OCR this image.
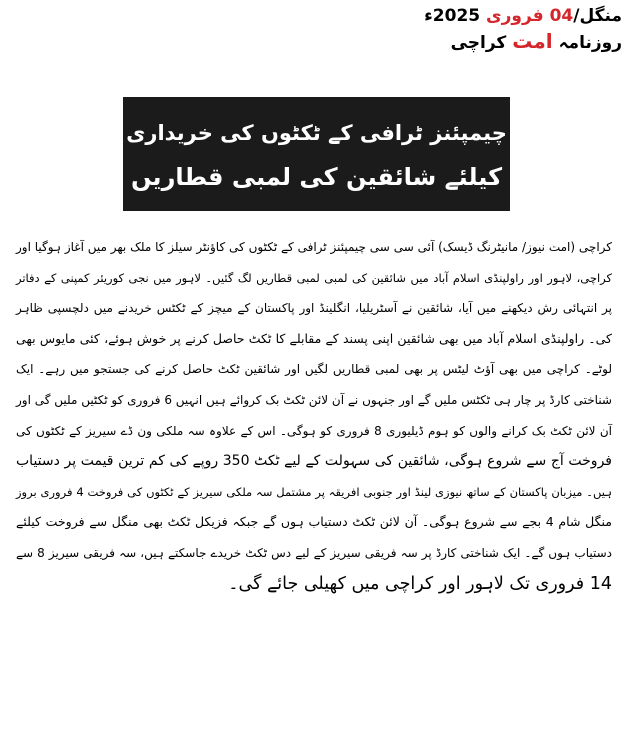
منگل/04 فروری 2025ء
روزنامہ امت کراچی
چیمپئنز ٹرافی کے ٹکٹوں کی خریداری
کیلئے شائقین کی لمبی قطاریں
کراچی (امت نیوز/ مانیٹرنگ ڈیسک) آئی سی سی چیمپئنز ٹرافی کے ٹکٹوں کی کاؤنٹر سیلز کا ملک بھر میں آغاز ہوگیا اور
کراچی، لاہور اور راولپنڈی اسلام آباد میں شائقین کی لمبی لمبی قطاریں لگ گئیں۔ لاہور میں نجی کوریئر کمپنی کے دفاتر
پر انتہائی رش دیکھنے میں آیا، شائقین نے آسٹریلیا، انگلینڈ اور پاکستان کے میچز کے ٹکٹس خریدنے میں دلچسپی ظاہر
کی۔ راولپنڈی اسلام آباد میں بھی شائقین اپنی پسند کے مقابلے کا ٹکٹ حاصل کرنے پر خوش ہوئے، کئی مایوس بھی
لوٹے۔ کراچی میں بھی آؤٹ لیٹس پر بھی لمبی قطاریں لگیں اور شائقین ٹکٹ حاصل کرنے کی جستجو میں رہے۔ ایک
شناختی کارڈ پر چار ہی ٹکٹس ملیں گے اور جنہوں نے آن لائن ٹکٹ بک کروائے ہیں انہیں 6 فروری کو ٹکٹیں ملیں گی اور
آن لائن ٹکٹ بک کرانے والوں کو ہوم ڈیلیوری 8 فروری کو ہوگی۔ اس کے علاوہ سہ ملکی ون ڈے سیریز کے ٹکٹوں کی
فروخت آج سے شروع ہوگی، شائقین کی سہولت کے لیے ٹکٹ 350 روپے کی کم ترین قیمت پر دستیاب
ہیں۔ میزبان پاکستان کے ساتھ نیوزی لینڈ اور جنوبی افریقہ پر مشتمل سہ ملکی سیریز کے ٹکٹوں کی فروخت 4 فروری بروز
منگل شام 4 بجے سے شروع ہوگی۔ آن لائن ٹکٹ دستیاب ہوں گے جبکہ فزیکل ٹکٹ بھی منگل سے فروخت کیلئے
دستیاب ہوں گے۔ ایک شناختی کارڈ پر سہ فریقی سیریز کے لیے دس ٹکٹ خریدے جاسکتے ہیں، سہ فریقی سیریز 8 سے
14 فروری تک لاہور اور کراچی میں کھیلی جائے گی۔
